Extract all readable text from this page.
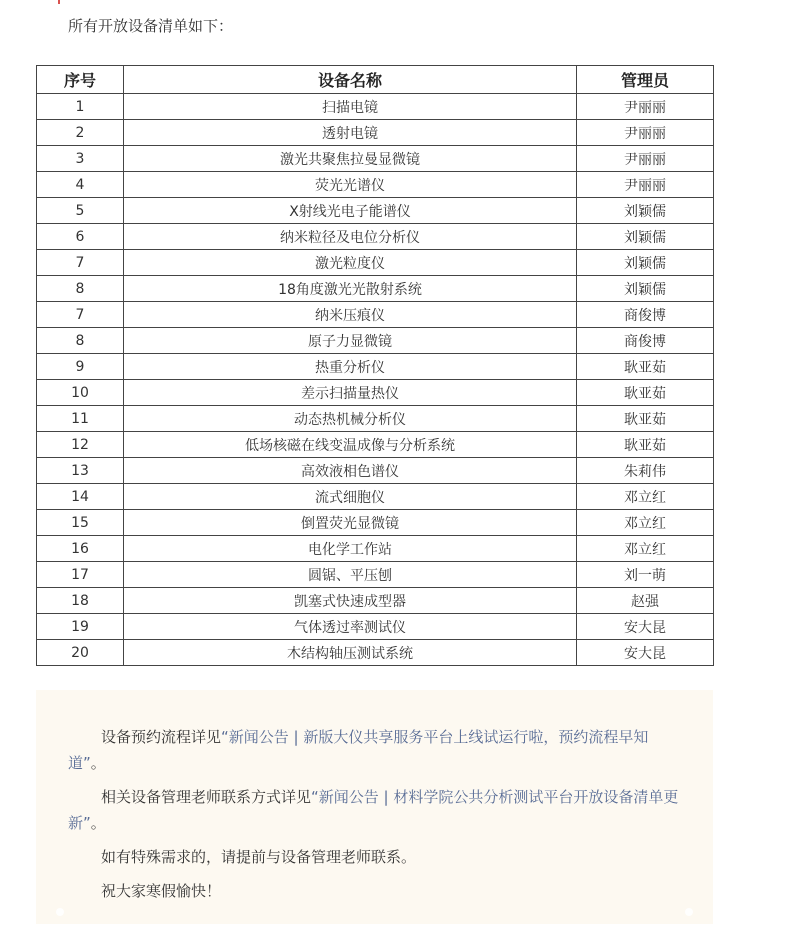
所有开放设备清单如下：
序号	设备名称	管理员
1	扫描电镜	尹丽丽
2	透射电镜	尹丽丽
3	激光共聚焦拉曼显微镜	尹丽丽
4	荧光光谱仪	尹丽丽
5	X射线光电子能谱仪	刘颖儒
6	纳米粒径及电位分析仪	刘颖儒
7	激光粒度仪	刘颖儒
8	18角度激光光散射系统	刘颖儒
7	纳米压痕仪	商俊博
8	原子力显微镜	商俊博
9	热重分析仪	耿亚茹
10	差示扫描量热仪	耿亚茹
11	动态热机械分析仪	耿亚茹
12	低场核磁在线变温成像与分析系统	耿亚茹
13	高效液相色谱仪	朱莉伟
14	流式细胞仪	邓立红
15	倒置荧光显微镜	邓立红
16	电化学工作站	邓立红
17	圆锯、平压刨	刘一萌
18	凯塞式快速成型器	赵强
19	气体透过率测试仪	安大昆
20	木结构轴压测试系统	安大昆

设备预约流程详见“新闻公告 | 新版大仪共享服务平台上线试运行啦，预约流程早知道”。

相关设备管理老师联系方式详见“新闻公告 | 材料学院公共分析测试平台开放设备清单更新”。

如有特殊需求的，请提前与设备管理老师联系。

祝大家寒假愉快！
